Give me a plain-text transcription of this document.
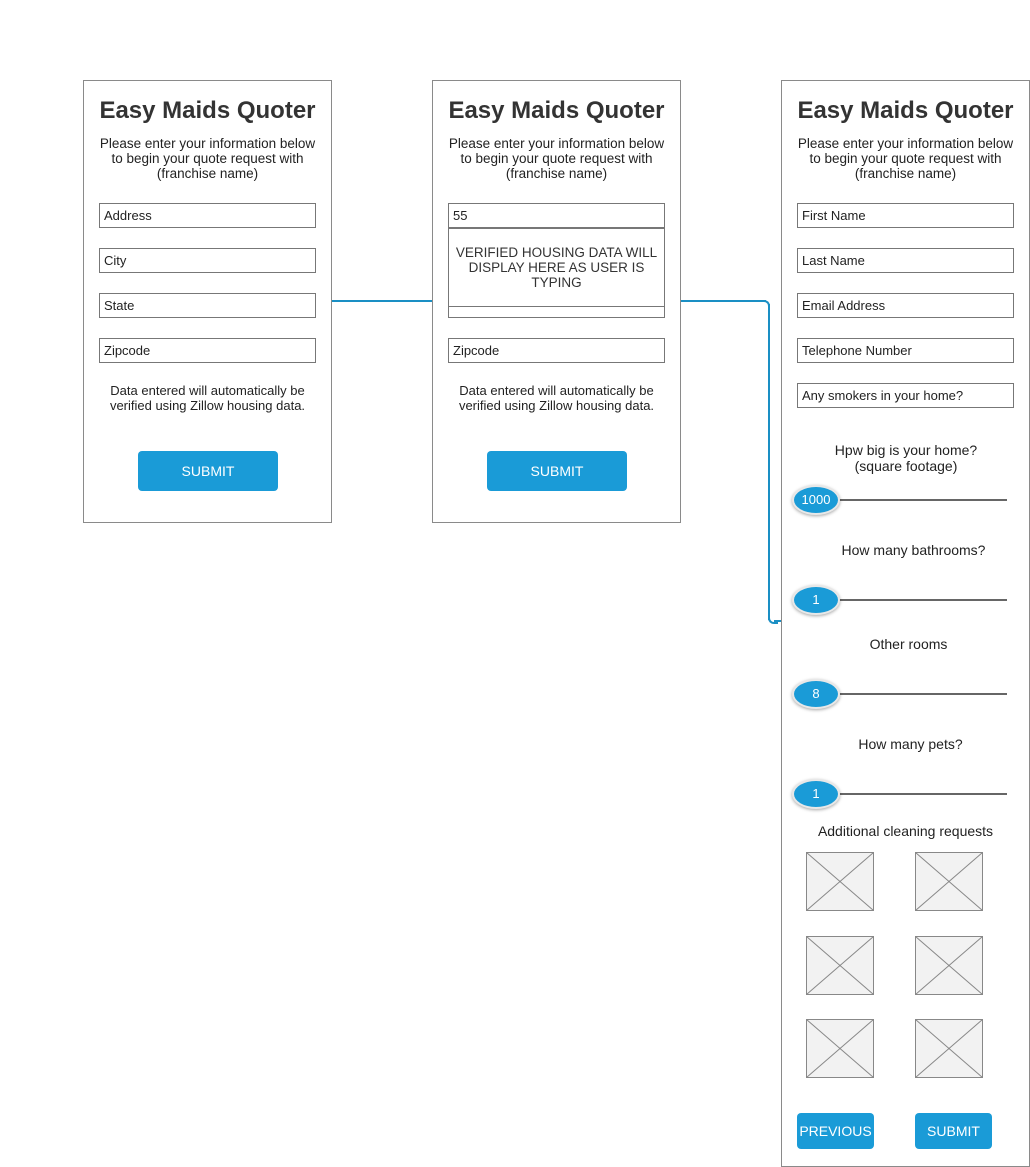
Easy Maids Quoter
Please enter your information below to begin your quote request with (franchise name)
Address
City
State
Zipcode
Data entered will automatically be verified using Zillow housing data.
SUBMIT
Easy Maids Quoter
Please enter your information below to begin your quote request with (franchise name)
55
VERIFIED HOUSING DATA WILL DISPLAY HERE AS USER IS TYPING
Zipcode
Data entered will automatically be verified using Zillow housing data.
SUBMIT
Easy Maids Quoter
Please enter your information below to begin your quote request with (franchise name)
First Name
Last Name
Email Address
Telephone Number
Any smokers in your home?
Hpw big is your home? (square footage)
1000
How many bathrooms?
1
Other rooms
8
How many pets?
1
Additional cleaning requests
PREVIOUS	SUBMIT
